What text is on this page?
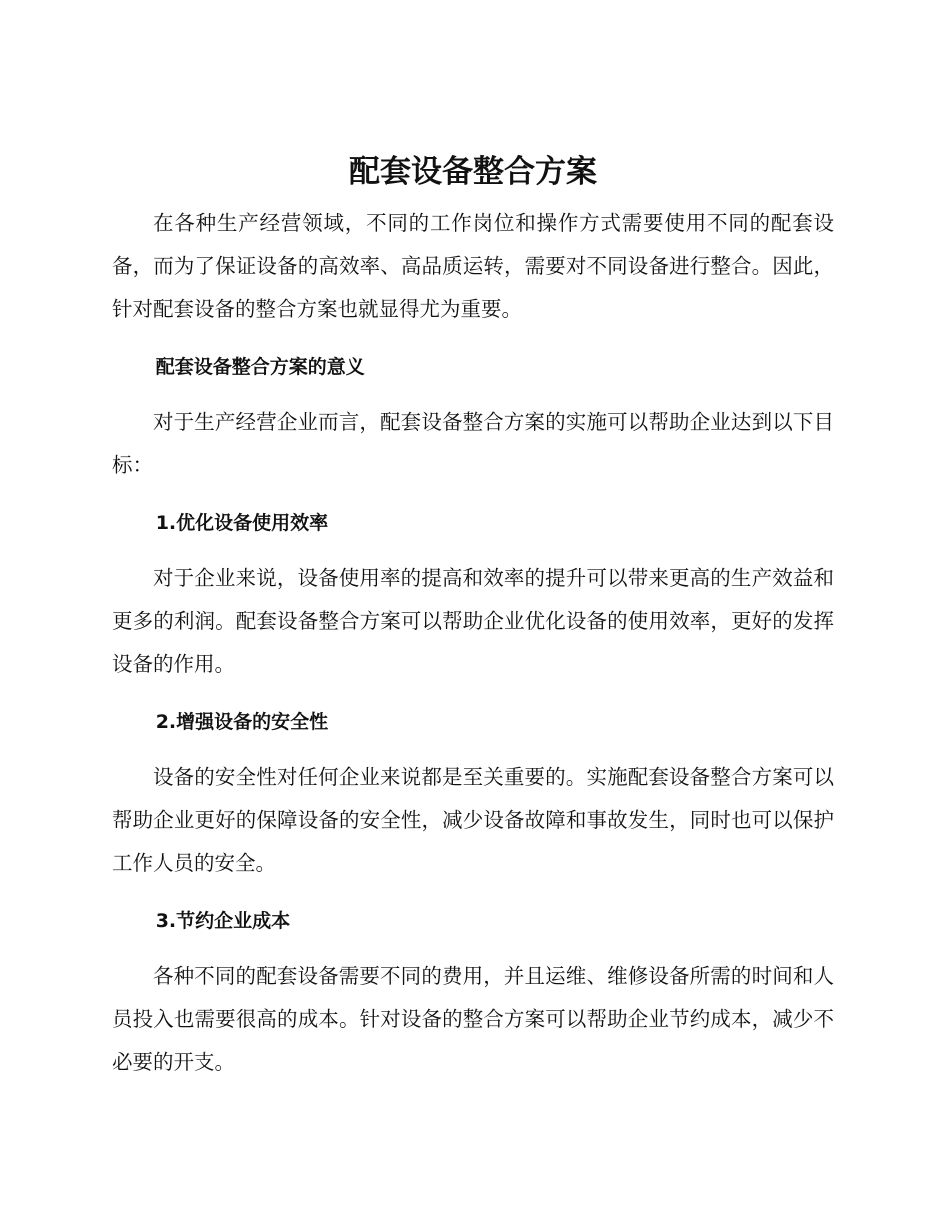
配套设备整合方案

在各种生产经营领域，不同的工作岗位和操作方式需要使用不同的配套设备，而为了保证设备的高效率、高品质运转，需要对不同设备进行整合。因此，针对配套设备的整合方案也就显得尤为重要。

配套设备整合方案的意义

对于生产经营企业而言，配套设备整合方案的实施可以帮助企业达到以下目标：

1.优化设备使用效率

对于企业来说，设备使用率的提高和效率的提升可以带来更高的生产效益和更多的利润。配套设备整合方案可以帮助企业优化设备的使用效率，更好的发挥设备的作用。

2.增强设备的安全性

设备的安全性对任何企业来说都是至关重要的。实施配套设备整合方案可以帮助企业更好的保障设备的安全性，减少设备故障和事故发生，同时也可以保护工作人员的安全。

3.节约企业成本

各种不同的配套设备需要不同的费用，并且运维、维修设备所需的时间和人员投入也需要很高的成本。针对设备的整合方案可以帮助企业节约成本，减少不必要的开支。
